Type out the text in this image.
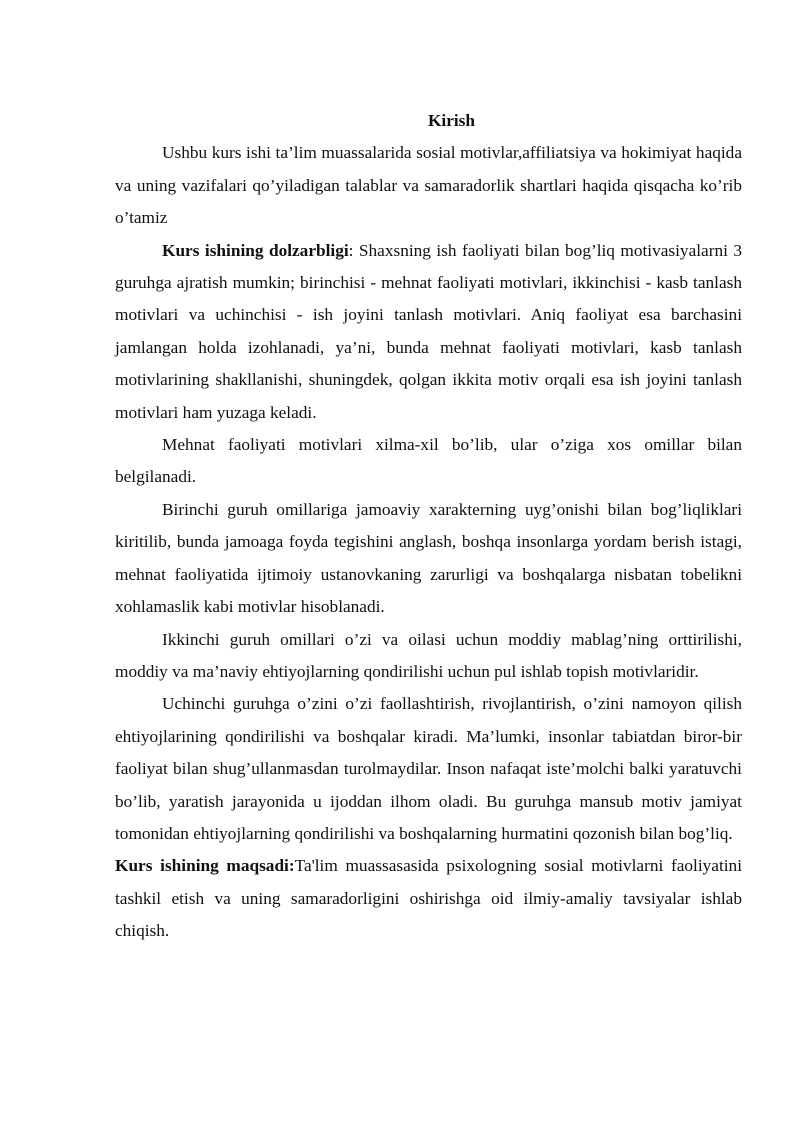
Kirish

Ushbu kurs ishi ta’lim muassalarida sosial motivlar,affiliatsiya va hokimiyat haqida va uning vazifalari qo’yiladigan talablar va samaradorlik shartlari haqida qisqacha ko’rib o’tamiz

Kurs ishining dolzarbligi: Shaxsning ish faoliyati bilan bog’liq motivasiyalarni 3 guruhga ajratish mumkin; birinchisi - mehnat faoliyati motivlari, ikkinchisi - kasb tanlash motivlari va uchinchisi - ish joyini tanlash motivlari. Aniq faoliyat esa barchasini jamlangan holda izohlanadi, ya’ni, bunda mehnat faoliyati motivlari, kasb tanlash motivlarining shakllanishi, shuningdek, qolgan ikkita motiv orqali esa ish joyini tanlash motivlari ham yuzaga keladi.

Mehnat faoliyati motivlari xilma-xil bo’lib, ular o’ziga xos omillar bilan belgilanadi.

Birinchi guruh omillariga jamoaviy xarakterning uyg’onishi bilan bog’liqliklari kiritilib, bunda jamoaga foyda tegishini anglash, boshqa insonlarga yordam berish istagi, mehnat faoliyatida ijtimoiy ustanovkaning zarurligi va boshqalarga nisbatan tobelikni xohlamaslik kabi motivlar hisoblanadi.

Ikkinchi guruh omillari o’zi va oilasi uchun moddiy mablag’ning orttirilishi, moddiy va ma’naviy ehtiyojlarning qondirilishi uchun pul ishlab topish motivlaridir.

Uchinchi guruhga o’zini o’zi faollashtirish, rivojlantirish, o’zini namoyon qilish ehtiyojlarining qondirilishi va boshqalar kiradi. Ma’lumki, insonlar tabiatdan biror-bir faoliyat bilan shug’ullanmasdan turolmaydilar. Inson nafaqat iste’molchi balki yaratuvchi bo’lib, yaratish jarayonida u ijoddan ilhom oladi. Bu guruhga mansub motiv jamiyat tomonidan ehtiyojlarning qondirilishi va boshqalarning hurmatini qozonish bilan bog’liq.

Kurs ishining maqsadi:Ta'lim muassasasida psixologning sosial motivlarni faoliyatini tashkil etish va uning samaradorligini oshirishga oid ilmiy-amaliy tavsiyalar ishlab chiqish.
